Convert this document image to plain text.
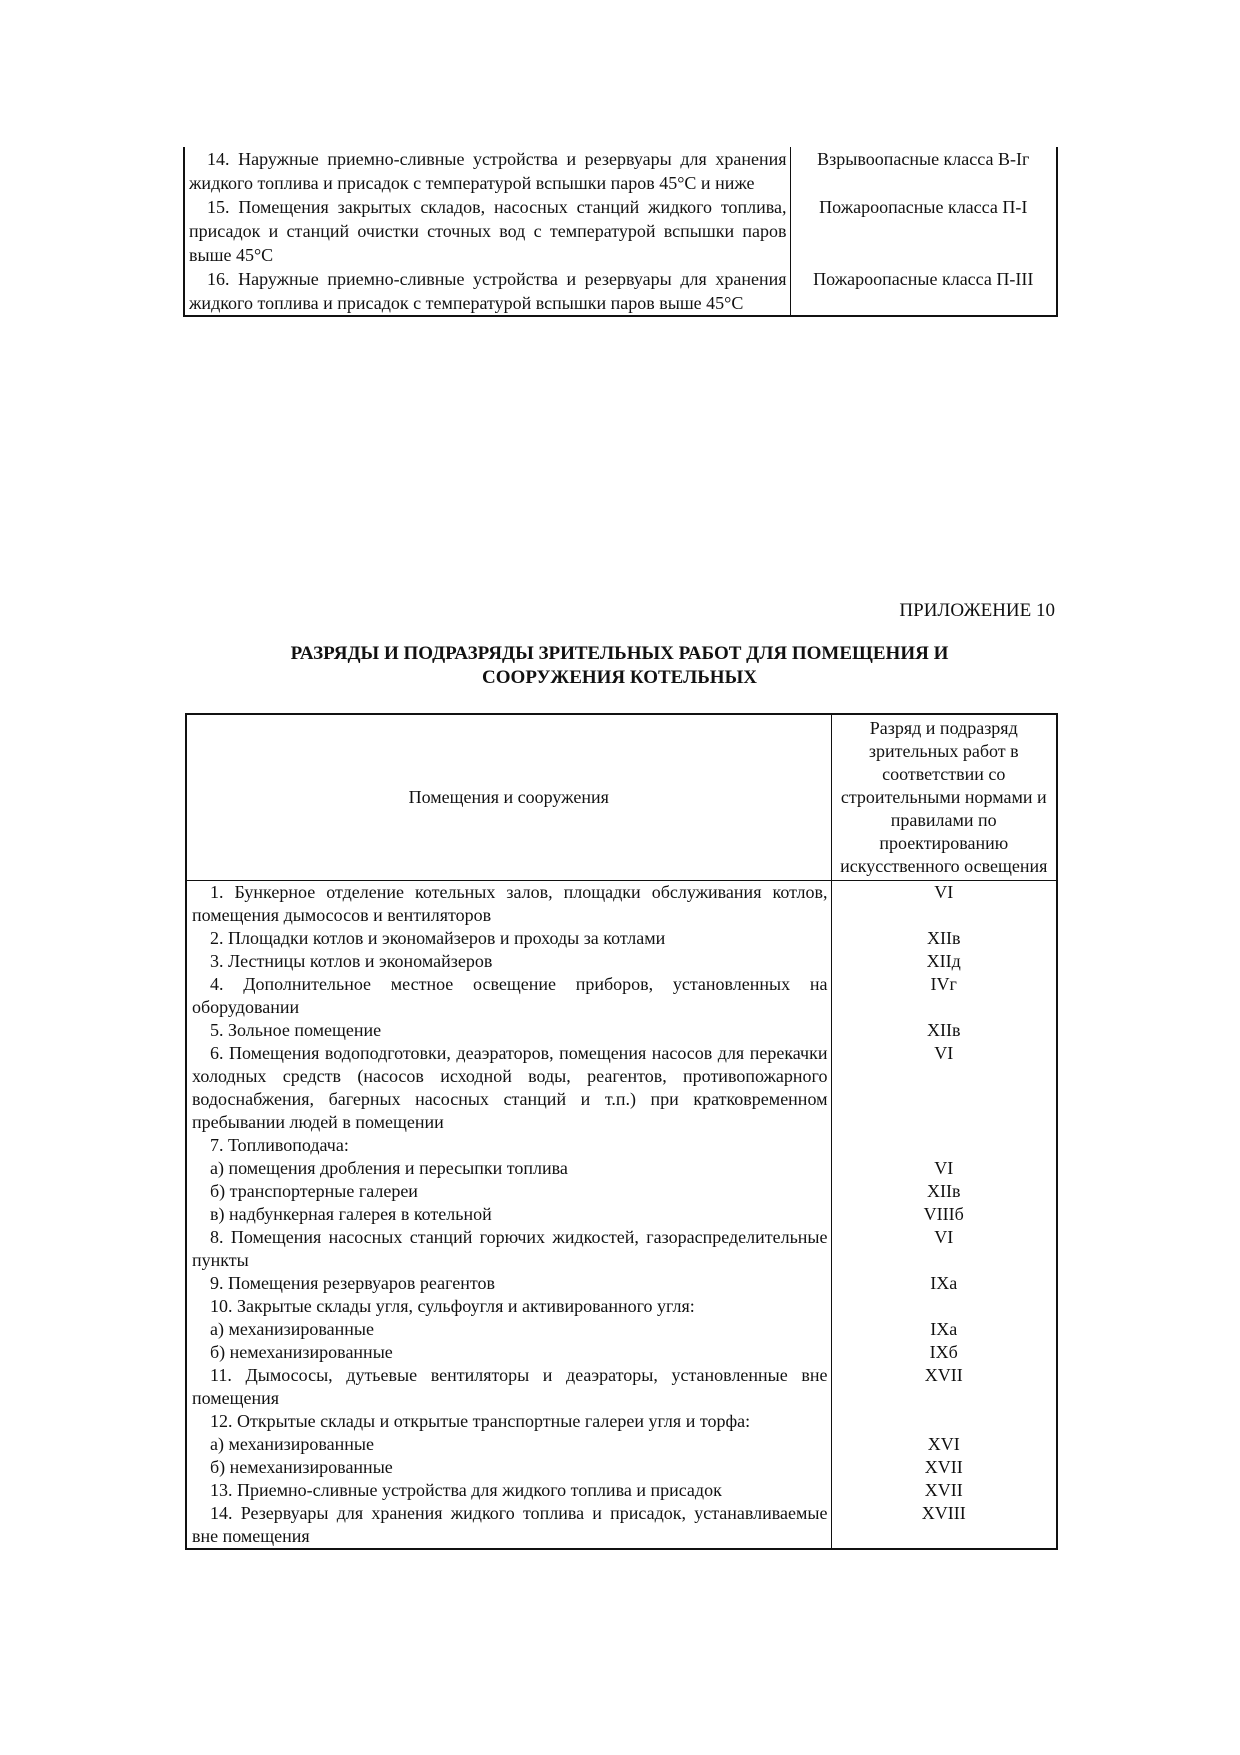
14. Наружные приемно-сливные устройства и резервуары для хранения жидкого топлива и присадок с температурой вспышки паров 45°С и ниже	Взрывоопасные класса В-Iг
15. Помещения закрытых складов, насосных станций жидкого топлива, присадок и станций очистки сточных вод с температурой вспышки паров выше 45°С	Пожароопасные класса П-I
16. Наружные приемно-сливные устройства и резервуары для хранения жидкого топлива и присадок с температурой вспышки паров выше 45°С	Пожароопасные класса П-III
ПРИЛОЖЕНИЕ 10
РАЗРЯДЫ И ПОДРАЗРЯДЫ ЗРИТЕЛЬНЫХ РАБОТ ДЛЯ ПОМЕЩЕНИЯ И
СООРУЖЕНИЯ КОТЕЛЬНЫХ
Помещения и сооружения	Разряд и подразряд зрительных работ в соответствии со строительными нормами и правилами по проектированию искусственного освещения
1. Бункерное отделение котельных залов, площадки обслуживания котлов, помещения дымососов и вентиляторов	VI
2. Площадки котлов и экономайзеров и проходы за котлами	XIIв
3. Лестницы котлов и экономайзеров	XIIд
4. Дополнительное местное освещение приборов, установленных на оборудовании	IVг
5. Зольное помещение	XIIв
6. Помещения водоподготовки, деаэраторов, помещения насосов для перекачки холодных средств (насосов исходной воды, реагентов, противопожарного водоснабжения, багерных насосных станций и т.п.) при кратковременном пребывании людей в помещении	VI
7. Топливоподача:	
а) помещения дробления и пересыпки топлива	VI
б) транспортерные галереи	XIIв
в) надбункерная галерея в котельной	VIIIб
8. Помещения насосных станций горючих жидкостей, газораспределительные пункты	VI
9. Помещения резервуаров реагентов	IXа
10. Закрытые склады угля, сульфоугля и активированного угля:	
а) механизированные	IXа
б) немеханизированные	IXб
11. Дымососы, дутьевые вентиляторы и деаэраторы, установленные вне помещения	XVII
12. Открытые склады и открытые транспортные галереи угля и торфа:	
а) механизированные	XVI
б) немеханизированные	XVII
13. Приемно-сливные устройства для жидкого топлива и присадок	XVII
14. Резервуары для хранения жидкого топлива и присадок, устанавливаемые вне помещения	XVIII
